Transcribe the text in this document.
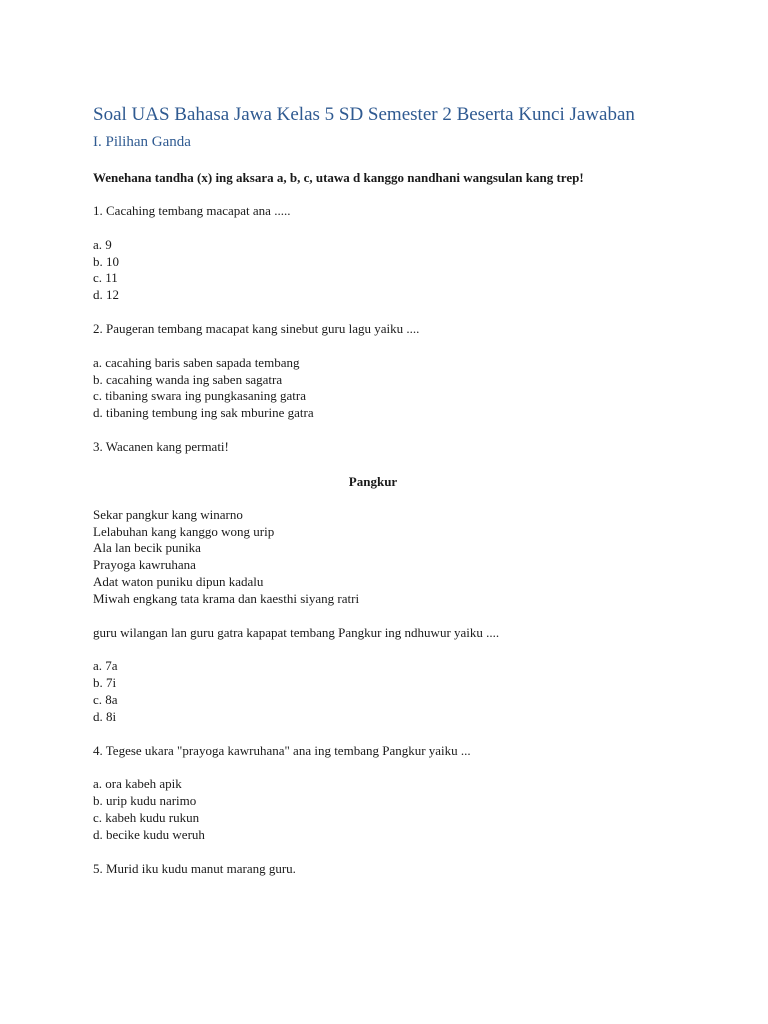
Soal UAS Bahasa Jawa Kelas 5 SD Semester 2 Beserta Kunci Jawaban
I. Pilihan Ganda
Wenehana tandha (x) ing aksara a, b, c, utawa d kanggo nandhani wangsulan kang trep!

1. Cacahing tembang macapat ana .....

a. 9
b. 10
c. 11
d. 12

2. Paugeran tembang macapat kang sinebut guru lagu yaiku ....

a. cacahing baris saben sapada tembang
b. cacahing wanda ing saben sagatra
c. tibaning swara ing pungkasaning gatra
d. tibaning tembung ing sak mburine gatra

3. Wacanen kang permati!

Pangkur
Sekar pangkur kang winarno
Lelabuhan kang kanggo wong urip
Ala lan becik punika
Prayoga kawruhana
Adat waton puniku dipun kadalu
Miwah engkang tata krama dan kaesthi siyang ratri

guru wilangan lan guru gatra kapapat tembang Pangkur ing ndhuwur yaiku ....

a. 7a
b. 7i
c. 8a
d. 8i

4. Tegese ukara "prayoga kawruhana" ana ing tembang Pangkur yaiku ...

a. ora kabeh apik
b. urip kudu narimo
c. kabeh kudu rukun
d. becike kudu weruh

5. Murid iku kudu manut marang guru.
